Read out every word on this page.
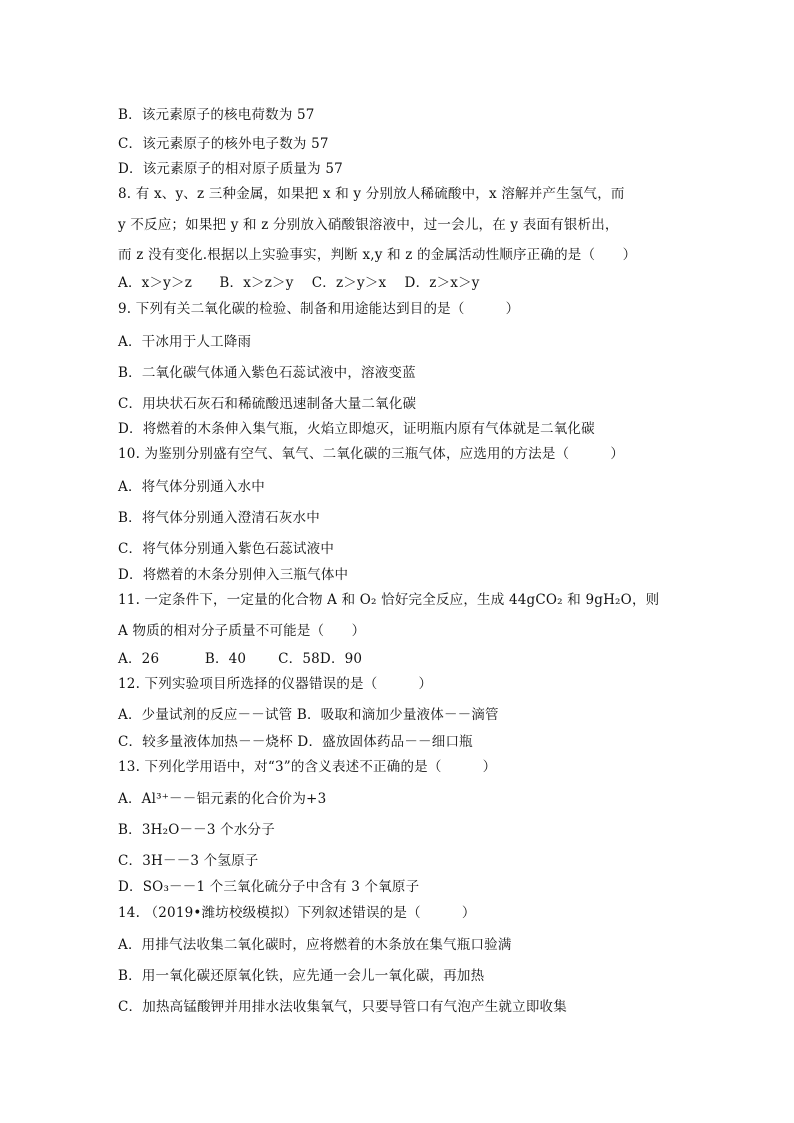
B．该元素原子的核电荷数为 57
C．该元素原子的核外电子数为 57
D．该元素原子的相对原子质量为 57
8. 有 x、y、z 三种金属，如果把 x 和 y 分别放人稀硫酸中，x 溶解并产生氢气，而
y 不反应；如果把 y 和 z 分别放入硝酸银溶液中，过一会儿，在 y 表面有银析出，
而 z 没有变化.根据以上实验事实，判断 x,y 和 z 的金属活动性顺序正确的是（　　）
A．x＞y＞z　　B．x＞z＞y　 C．z＞y＞x　 D．z＞x＞y
9. 下列有关二氧化碳的检验、制备和用途能达到目的是（　　　）
A．干冰用于人工降雨
B．二氧化碳气体通入紫色石蕊试液中，溶液变蓝
C．用块状石灰石和稀硫酸迅速制备大量二氧化碳
D．将燃着的木条伸入集气瓶，火焰立即熄灭，证明瓶内原有气体就是二氧化碳
10. 为鉴别分别盛有空气、氧气、二氧化碳的三瓶气体，应选用的方法是（　　　）
A．将气体分别通入水中
B．将气体分别通入澄清石灰水中
C．将气体分别通入紫色石蕊试液中
D．将燃着的木条分别伸入三瓶气体中
11. 一定条件下，一定量的化合物 A 和 O₂ 恰好完全反应，生成 44gCO₂ 和 9gH₂O，则
A 物质的相对分子质量不可能是（　　）
A．26　　　 B．40　　 C．58D．90
12. 下列实验项目所选择的仪器错误的是（　　　）
A．少量试剂的反应－－试管 B．吸取和滴加少量液体－－滴管
C．较多量液体加热－－烧杯 D．盛放固体药品－－细口瓶
13. 下列化学用语中，对“3”的含义表述不正确的是（　　　）
A．Al³⁺－－铝元素的化合价为+3
B．3H₂O－－3 个水分子
C．3H－－3 个氢原子
D．SO₃－－1 个三氧化硫分子中含有 3 个氧原子
14. （2019•潍坊校级模拟）下列叙述错误的是（　　　）
A．用排气法收集二氧化碳时，应将燃着的木条放在集气瓶口验满
B．用一氧化碳还原氧化铁，应先通一会儿一氧化碳，再加热
C．加热高锰酸钾并用排水法收集氧气，只要导管口有气泡产生就立即收集
